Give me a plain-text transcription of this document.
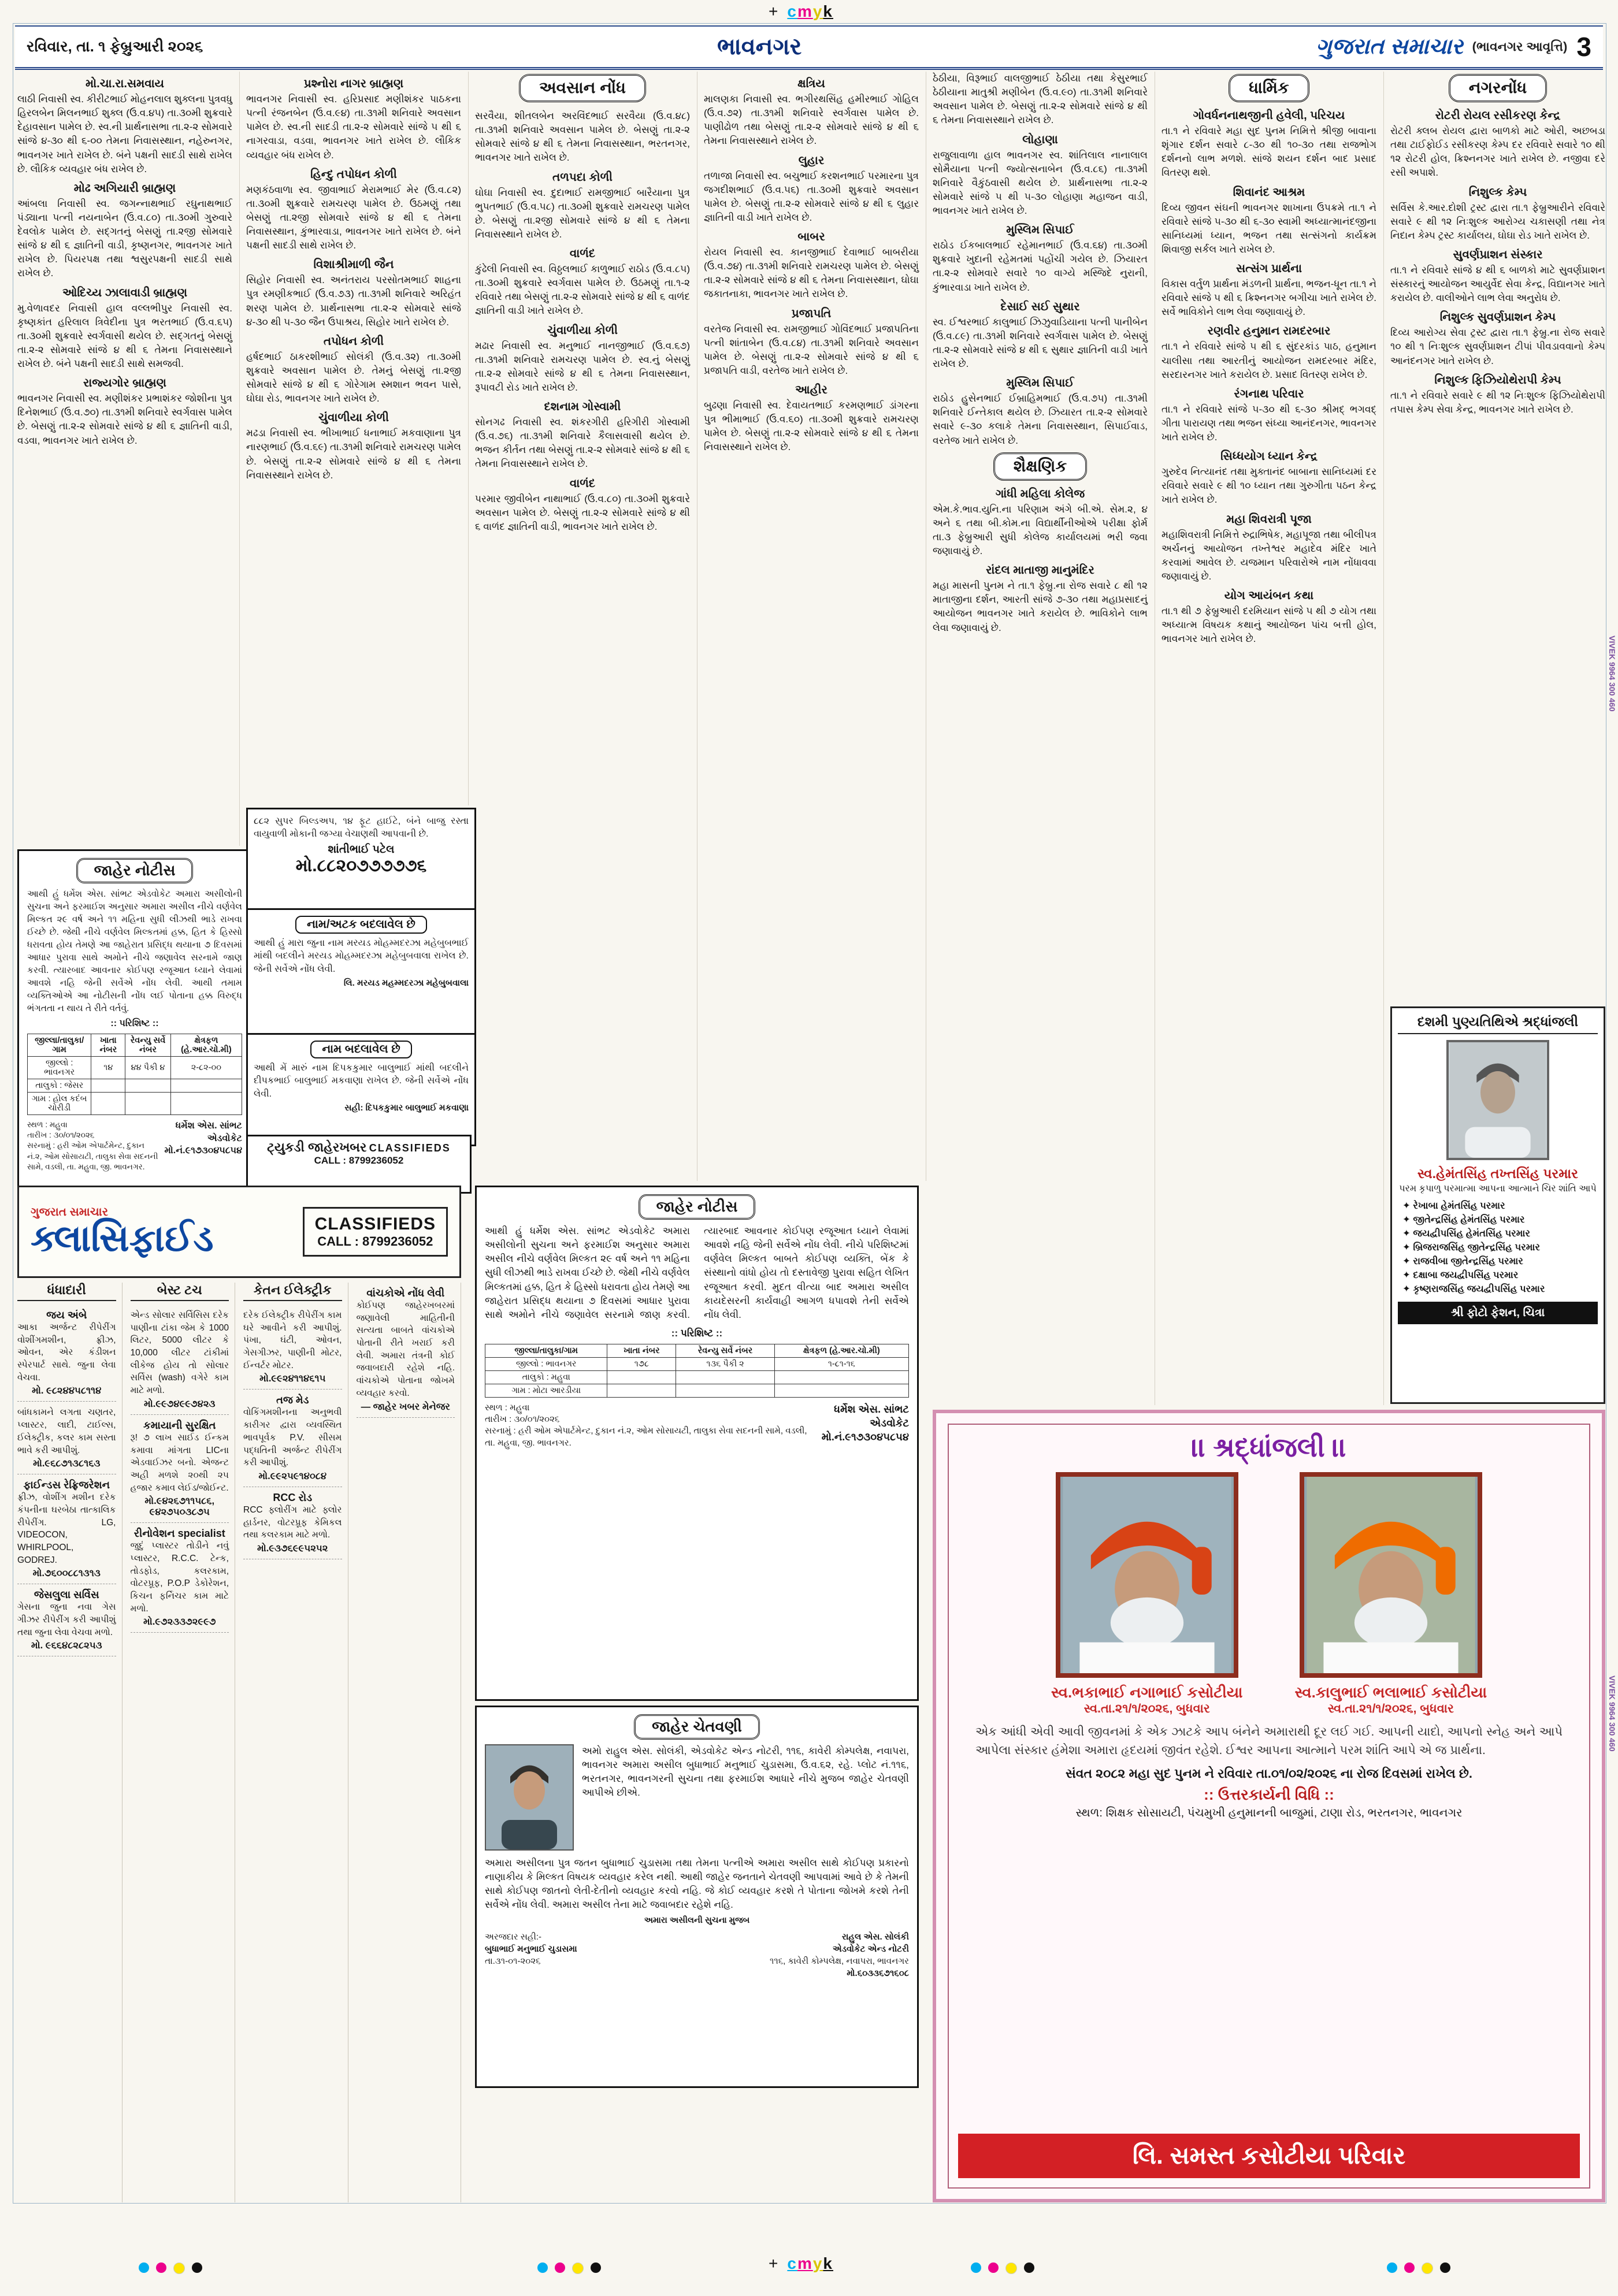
+ cmyk
+ cmyk
રવિવાર, તા. ૧ ફેબ્રુઆરી ૨૦૨૬	ભાવનગર	ગુજરાત સમાચાર (ભાવનગર આવૃત્તિ) 3
મો.ચા.રા.સમવાય
લાઠી નિવાસી સ્વ. કીરીટભાઈ મોહનલાલ શુક્લના પુત્રવધુ હિરલબેન મિલનભાઈ શુક્લ (ઉ.વ.૪૫) તા.૩૦મી શુક્રવારે દેહાવસાન પામેલ છે. સ્વ.ની પ્રાર્થનાસભા તા.૨-૨ સોમવારે સાંજે ૪-૩૦ થી ૬-૦૦ તેમના નિવાસસ્થાન, નહેરુનગર, ભાવનગર ખાતે રાખેલ છે. બંને પક્ષની સાદડી સાથે રાખેલ છે. લૌકિક વ્યવહાર બંધ રાખેલ છે.
મોઢ અગિયારી બ્રાહ્મણ
આંબલા નિવાસી સ્વ. જગન્નાથભાઈ રઘુનાથભાઈ પંડ્યાના પત્ની નયનાબેન (ઉ.વ.૮૦) તા.૩૦મી ગુરુવારે દેવલોક પામેલ છે. સદ્ગતનું બેસણું તા.૨જી સોમવારે સાંજે ૪ થી ૬ જ્ઞાતિની વાડી, કૃષ્ણનગર, ભાવનગર ખાતે રાખેલ છે. પિયરપક્ષ તથા શ્વસુરપક્ષની સાદડી સાથે રાખેલ છે.
ઓદિચ્ય ઝાલાવાડી બ્રાહ્મણ
મુ.વેળાવદર નિવાસી હાલ વલ્લભીપુર નિવાસી સ્વ. કૃષ્ણકાંત હરિલાલ ત્રિવેદીના પુત્ર ભરતભાઈ (ઉ.વ.૬૫) તા.૩૦મી શુક્રવારે સ્વર્ગવાસી થયેલ છે. સદ્ગતનું બેસણું તા.૨-૨ સોમવારે સાંજે ૪ થી ૬ તેમના નિવાસસ્થાને રાખેલ છે. બંને પક્ષની સાદડી સાથે સમજવી.
રાજ્યગોર બ્રાહ્મણ
ભાવનગર નિવાસી સ્વ. મણીશંકર પ્રભાશંકર જોશીના પુત્ર દિનેશભાઈ (ઉ.વ.૭૦) તા.૩૧મી શનિવારે સ્વર્ગવાસ પામેલ છે. બેસણું તા.૨-૨ સોમવારે સાંજે ૪ થી ૬ જ્ઞાતિની વાડી, વડવા, ભાવનગર ખાતે રાખેલ છે.
પ્રશ્નોરા નાગર બ્રાહ્મણ
ભાવનગર નિવાસી સ્વ. હરિપ્રસાદ મણીશંકર પાઠકના પત્ની રંજનબેન (ઉ.વ.૯૪) તા.૩૧મી શનિવારે અવસાન પામેલ છે. સ્વ.ની સાદડી તા.૨-૨ સોમવારે સાંજે ૫ થી ૬ નાગરવાડા, વડવા, ભાવનગર ખાતે રાખેલ છે. લૌકિક વ્યવહાર બંધ રાખેલ છે.
હિન્દુ તપોધન કોળી
મણકંઠવાળા સ્વ. જીવાભાઈ મેરામભાઈ મેર (ઉ.વ.૮૨) તા.૩૦મી શુક્રવારે રામચરણ પામેલ છે. ઉઠમણું તથા બેસણું તા.૨જી સોમવારે સાંજે ૪ થી ૬ તેમના નિવાસસ્થાન, કુંભારવાડા, ભાવનગર ખાતે રાખેલ છે. બંને પક્ષની સાદડી સાથે રાખેલ છે.
વિશાશ્રીમાળી જૈન
સિહોર નિવાસી સ્વ. અનંતરાય પરસોતમભાઈ શાહના પુત્ર રમણીકભાઈ (ઉ.વ.૭૩) તા.૩૧મી શનિવારે અરિહંત શરણ પામેલ છે. પ્રાર્થનાસભા તા.૨-૨ સોમવારે સાંજે ૪-૩૦ થી ૫-૩૦ જૈન ઉપાશ્રય, સિહોર ખાતે રાખેલ છે.
તપોધન કોળી
હર્ષદભાઈ ઠાકરશીભાઈ સોલંકી (ઉ.વ.૩૨) તા.૩૦મી શુક્રવારે અવસાન પામેલ છે. તેમનું બેસણું તા.૨જી સોમવારે સાંજે ૪ થી ૬ ગોરેગામ સ્મશાન ભવન પાસે, ઘોઘા રોડ, ભાવનગર ખાતે રાખેલ છે.
ચુંવાળીયા કોળી
મઢડા નિવાસી સ્વ. ભીખાભાઈ ધનાભાઈ મકવાણાના પુત્ર નારણભાઈ (ઉ.વ.૬૯) તા.૩૧મી શનિવારે રામચરણ પામેલ છે. બેસણું તા.૨-૨ સોમવારે સાંજે ૪ થી ૬ તેમના નિવાસસ્થાને રાખેલ છે.
અવસાન નોંધ
સરવૈયા, શીતલબેન અરવિંદભાઈ સરવૈયા (ઉ.વ.૪૮) તા.૩૧મી શનિવારે અવસાન પામેલ છે. બેસણું તા.૨-૨ સોમવારે સાંજે ૪ થી ૬ તેમના નિવાસસ્થાન, ભરતનગર, ભાવનગર ખાતે રાખેલ છે.
તળપદા કોળી
ઘોઘા નિવાસી સ્વ. દુદાભાઈ રામજીભાઈ બારૈયાના પુત્ર ભુપતભાઈ (ઉ.વ.૫૮) તા.૩૦મી શુક્રવારે રામચરણ પામેલ છે. બેસણું તા.૨જી સોમવારે સાંજે ૪ થી ૬ તેમના નિવાસસ્થાને રાખેલ છે.
વાળંદ
કુંઢેલી નિવાસી સ્વ. વિઠ્ઠલભાઈ કાળુભાઈ રાઠોડ (ઉ.વ.૮૫) તા.૩૦મી શુક્રવારે સ્વર્ગવાસ પામેલ છે. ઉઠમણું તા.૧-૨ રવિવારે તથા બેસણું તા.૨-૨ સોમવારે સાંજે ૪ થી ૬ વાળંદ જ્ઞાતિની વાડી ખાતે રાખેલ છે.
ચુંવાળીયા કોળી
મઢાર નિવાસી સ્વ. મનુભાઈ નાનજીભાઈ (ઉ.વ.૬૭) તા.૩૧મી શનિવારે રામચરણ પામેલ છે. સ્વ.નું બેસણું તા.૨-૨ સોમવારે સાંજે ૪ થી ૬ તેમના નિવાસસ્થાન, રૂપાવટી રોડ ખાતે રાખેલ છે.
દશનામ ગોસ્વામી
સોનગઢ નિવાસી સ્વ. શંકરગીરી હરિગીરી ગોસ્વામી (ઉ.વ.૭૬) તા.૩૧મી શનિવારે કૈલાસવાસી થયેલ છે. ભજન કીર્તન તથા બેસણું તા.૨-૨ સોમવારે સાંજે ૪ થી ૬ તેમના નિવાસસ્થાને રાખેલ છે.
વાળંદ
પરમાર જીવીબેન નાથાભાઈ (ઉ.વ.૮૦) તા.૩૦મી શુક્રવારે અવસાન પામેલ છે. બેસણું તા.૨-૨ સોમવારે સાંજે ૪ થી ૬ વાળંદ જ્ઞાતિની વાડી, ભાવનગર ખાતે રાખેલ છે.
ક્ષત્રિય
માલણકા નિવાસી સ્વ. ભગીરથસિંહ હમીરભાઈ ગોહિલ (ઉ.વ.૭૨) તા.૩૧મી શનિવારે સ્વર્ગવાસ પામેલ છે. પાણીઢોળ તથા બેસણું તા.૨-૨ સોમવારે સાંજે ૪ થી ૬ તેમના નિવાસસ્થાને રાખેલ છે.
લુહાર
તળાજા નિવાસી સ્વ. બચુભાઈ કરશનભાઈ પરમારના પુત્ર જગદીશભાઈ (ઉ.વ.૫૬) તા.૩૦મી શુક્રવારે અવસાન પામેલ છે. બેસણું તા.૨-૨ સોમવારે સાંજે ૪ થી ૬ લુહાર જ્ઞાતિની વાડી ખાતે રાખેલ છે.
બાબર
રોયલ નિવાસી સ્વ. કાનજીભાઈ દેવાભાઈ બાબરીયા (ઉ.વ.૭૪) તા.૩૧મી શનિવારે રામચરણ પામેલ છે. બેસણું તા.૨-૨ સોમવારે સાંજે ૪ થી ૬ તેમના નિવાસસ્થાન, ઘોઘા જકાતનાકા, ભાવનગર ખાતે રાખેલ છે.
પ્રજાપતિ
વરતેજ નિવાસી સ્વ. રામજીભાઈ ગોવિંદભાઈ પ્રજાપતિના પત્ની શાંતાબેન (ઉ.વ.૮૪) તા.૩૧મી શનિવારે અવસાન પામેલ છે. બેસણું તા.૨-૨ સોમવારે સાંજે ૪ થી ૬ પ્રજાપતિ વાડી, વરતેજ ખાતે રાખેલ છે.
આહીર
બુઢણા નિવાસી સ્વ. દેવાયતભાઈ કરમણભાઈ ડાંગરના પુત્ર ભીમાભાઈ (ઉ.વ.૬૦) તા.૩૦મી શુક્રવારે રામચરણ પામેલ છે. બેસણું તા.૨-૨ સોમવારે સાંજે ૪ થી ૬ તેમના નિવાસસ્થાને રાખેલ છે.
ઠેઠીયા, વિરૂભાઈ વાલજીભાઈ ઠેઠીયા તથા કેસુરભાઈ ઠેઠીયાના માતુશ્રી મણીબેન (ઉ.વ.૯૦) તા.૩૧મી શનિવારે અવસાન પામેલ છે. બેસણું તા.૨-૨ સોમવારે સાંજે ૪ થી ૬ તેમના નિવાસસ્થાને રાખેલ છે.
લોહાણા
રાજુલાવાળા હાલ ભાવનગર સ્વ. શાંતિલાલ નાનાલાલ સોમૈયાના પત્ની જ્યોત્સનાબેન (ઉ.વ.૮૬) તા.૩૧મી શનિવારે વૈકુંઠવાસી થયેલ છે. પ્રાર્થનાસભા તા.૨-૨ સોમવારે સાંજે ૫ થી ૫-૩૦ લોહાણા મહાજન વાડી, ભાવનગર ખાતે રાખેલ છે.
મુસ્લિમ સિપાઈ
રાઠોડ ઈકબાલભાઈ રહેમાનભાઈ (ઉ.વ.૬૪) તા.૩૦મી શુક્રવારે ખુદાની રહેમતમાં પહોંચી ગયેલ છે. ઝિયારત તા.૨-૨ સોમવારે સવારે ૧૦ વાગ્યે મસ્જિદે નુરાની, કુંભારવાડા ખાતે રાખેલ છે.
દેસાઈ સઈ સુથાર
સ્વ. ઈશ્વરભાઈ કાલુભાઈ ઝિઝુવાડિયાના પત્ની પાનીબેન (ઉ.વ.૮૯) તા.૩૧મી શનિવારે સ્વર્ગવાસ પામેલ છે. બેસણું તા.૨-૨ સોમવારે સાંજે ૪ થી ૬ સુથાર જ્ઞાતિની વાડી ખાતે રાખેલ છે.
મુસ્લિમ સિપાઈ
રાઠોડ હુસેનભાઈ ઈબ્રાહિમભાઈ (ઉ.વ.૭૫) તા.૩૧મી શનિવારે ઈન્તેકાલ થયેલ છે. ઝિયારત તા.૨-૨ સોમવારે સવારે ૯-૩૦ કલાકે તેમના નિવાસસ્થાન, સિપાઈવાડ, વરતેજ ખાતે રાખેલ છે.
શૈક્ષણિક
ગાંધી મહિલા કોલેજ
એમ.કે.ભાવ.યુનિ.ના પરિણામ અંગે બી.એ. સેમ.૨, ૪ અને ૬ તથા બી.કોમ.ના વિદ્યાર્થીનીઓએ પરીક્ષા ફોર્મ તા.૩ ફેબ્રુઆરી સુધી કોલેજ કાર્યાલયમાં ભરી જવા જણાવાયું છે.
રાંદલ માતાજી માનુમંદિર
મહા માસની પુનમ ને તા.૧ ફેબ્રુ.ના રોજ સવારે ૮ થી ૧૨ માતાજીના દર્શન, આરતી સાંજે ૭-૩૦ તથા મહાપ્રસાદનું આયોજન ભાવનગર ખાતે કરાયેલ છે. ભાવિકોને લાભ લેવા જણાવાયું છે.
ધાર્મિક
ગોવર્ધનનાથજીની હવેલી, પરિચય
તા.૧ ને રવિવારે મહા સુદ પુનમ નિમિત્તે શ્રીજી બાવાના શૃંગાર દર્શન સવારે ૮-૩૦ થી ૧૦-૩૦ તથા રાજભોગ દર્શનનો લાભ મળશે. સાંજે શયન દર્શન બાદ પ્રસાદ વિતરણ થશે.
શિવાનંદ આશ્રમ
દિવ્ય જીવન સંઘની ભાવનગર શાખાના ઉપક્રમે તા.૧ ને રવિવારે સાંજે ૫-૩૦ થી ૬-૩૦ સ્વામી અધ્યાત્માનંદજીના સાનિધ્યમાં ધ્યાન, ભજન તથા સત્સંગનો કાર્યક્રમ શિવાજી સર્કલ ખાતે રાખેલ છે.
સત્સંગ પ્રાર્થના
વિકાસ વર્તુળ પ્રાર્થના મંડળની પ્રાર્થના, ભજન-ધૂન તા.૧ ને રવિવારે સાંજે ૫ થી ૬ ક્રિશ્નનગર બગીચા ખાતે રાખેલ છે. સર્વે ભાવિકોને લાભ લેવા જણાવાયું છે.
રણવીર હનુમાન રામદરબાર
તા.૧ ને રવિવારે સાંજે ૫ થી ૬ સુંદરકાંડ પાઠ, હનુમાન ચાલીસા તથા આરતીનું આયોજન રામદરબાર મંદિર, સરદારનગર ખાતે કરાયેલ છે. પ્રસાદ વિતરણ રાખેલ છે.
રંગનાથ પરિવાર
તા.૧ ને રવિવારે સાંજે ૫-૩૦ થી ૬-૩૦ શ્રીમદ્ ભગવદ્ ગીતા પારાયણ તથા ભજન સંધ્યા આનંદનગર, ભાવનગર ખાતે રાખેલ છે.
સિધ્ધયોગ ધ્યાન કેન્દ્ર
ગુરુદેવ નિત્યાનંદ તથા મુક્તાનંદ બાબાના સાનિધ્યમાં દર રવિવારે સવારે ૯ થી ૧૦ ધ્યાન તથા ગુરુગીતા પઠન કેન્દ્ર ખાતે રાખેલ છે.
મહા શિવરાત્રી પૂજા
મહાશિવરાત્રી નિમિત્તે રુદ્રાભિષેક, મહાપૂજા તથા બીલીપત્ર અર્ચનનું આયોજન તખ્તેશ્વર મહાદેવ મંદિર ખાતે કરવામાં આવેલ છે. યજમાન પરિવારોએ નામ નોંધાવવા જણાવાયું છે.
યોગ આયંબન કથા
તા.૧ થી ૭ ફેબ્રુઆરી દરમિયાન સાંજે ૫ થી ૭ યોગ તથા અધ્યાત્મ વિષયક કથાનું આયોજન પાંચ બત્તી હોલ, ભાવનગર ખાતે રાખેલ છે.
નગરનોંધ
રોટરી રોયલ રસીકરણ કેન્દ્ર
રોટરી ક્લબ રોયલ દ્વારા બાળકો માટે ઓરી, અછબડા તથા ટાઈફોઈડ રસીકરણ કેમ્પ દર રવિવારે સવારે ૧૦ થી ૧૨ રોટરી હોલ, ક્રિશ્નનગર ખાતે રાખેલ છે. નજીવા દરે રસી અપાશે.
નિશુલ્ક કેમ્પ
સર્વિસ કે.આર.દોશી ટ્રસ્ટ દ્વારા તા.૧ ફેબ્રુઆરીને રવિવારે સવારે ૯ થી ૧૨ નિઃશુલ્ક આરોગ્ય ચકાસણી તથા નેત્ર નિદાન કેમ્પ ટ્રસ્ટ કાર્યાલય, ઘોઘા રોડ ખાતે રાખેલ છે.
સુવર્ણપ્રાશન સંસ્કાર
તા.૧ ને રવિવારે સાંજે ૪ થી ૬ બાળકો માટે સુવર્ણપ્રાશન સંસ્કારનું આયોજન આયુર્વેદ સેવા કેન્દ્ર, વિદ્યાનગર ખાતે કરાયેલ છે. વાલીઓને લાભ લેવા અનુરોધ છે.
નિશુલ્ક સુવર્ણપ્રાશન કેમ્પ
દિવ્ય આરોગ્ય સેવા ટ્રસ્ટ દ્વારા તા.૧ ફેબ્રુ.ના રોજ સવારે ૧૦ થી ૧ નિઃશુલ્ક સુવર્ણપ્રાશન ટીપાં પીવડાવવાનો કેમ્પ આનંદનગર ખાતે રાખેલ છે.
નિશુલ્ક ફિઝિયોથેરાપી કેમ્પ
તા.૧ ને રવિવારે સવારે ૯ થી ૧૨ નિઃશુલ્ક ફિઝિયોથેરાપી તપાસ કેમ્પ સેવા કેન્દ્ર, ભાવનગર ખાતે રાખેલ છે.
જાહેર નોટીસ
આથી હું ધર્મેશ એસ. સાંભટ એડવોકેટ અમારા અસીલોની સુચના અને ફરમાઈશ અનુસાર અમારા અસીલ નીચે વર્ણવેલ મિલ્કત ૨૯ વર્ષ અને ૧૧ મહિના સુધી લીઝથી ભાડે રાખવા ઈચ્છે છે. જેથી નીચે વર્ણવેલ મિલ્કતમાં હક્ક, હિત કે હિસ્સો ધરાવતા હોય તેમણે આ જાહેરાત પ્રસિદ્ધ થયાના ૭ દિવસમાં આધાર પુરાવા સાથે અમોને નીચે જણાવેલ સરનામે જાણ કરવી. ત્યારબાદ આવનાર કોઈપણ રજૂઆત ધ્યાને લેવામાં આવશે નહિ જેની સર્વેએ નોંધ લેવી. આથી તમામ વ્યક્તિઓએ આ નોટીસની નોંધ લઈ પોતાના હક્ક વિરુદ્ધ ભંગતતા ન થાય તે રીતે વર્તવું.
:: પરિશિષ્ટ ::
જીલ્લા/તાલુકા/ગામ	ખાતા નંબર	રેવન્યુ સર્વે નંબર	ક્ષેત્રફળ (હે.આર.ચો.મી)
જીલ્લો : ભાવનગર	૧૪	૪૪ પૈકી ૪	૨-૮૨-૦૦
તાલુકો : જેસર			
ગામ : હોલ કદંબ ચોરીડી			
સ્થળ : મહુવા
તારીખ : ૩૦/૦૧/૨૦૨૬
સરનામું : હરી ઓમ એપાર્ટમેન્ટ, દુકાન નં.૨, ઓમ સોસાયટી, તાલુકા સેવા સદનની સામે, વડલી, તા. મહુવા, જી. ભાવનગર.
ધર્મેશ એસ. સાંભટ
એડવોકેટ
મો.નં.૯૧૭૩૦૪૫૮૫૪
૮૮૨ સુપર બિલ્ડઅપ, ૧૪ ફૂટ હાઈટે, બંને બાજુ રસ્તા વાયુવાળી મોકાની જગ્યા વેચાણથી આપવાની છે.
શાંતીભાઈ પટેલ
મો.૮૮૨૦૭૭૭૭૭૬
નામ/અટક બદલાવેલ છે
આથી હું મારા જુના નામ મરયડ મોહમ્મદરઝા મહેબુબભાઈ માંથી બદલીને મરયડ મોહમ્મદરઝા મહેબુબવાલા રાખેલ છે. જેની સર્વેએ નોંધ લેવી.
લિ. મરયડ મહમ્મદરઝા મહેબુબવાલા
નામ બદલાવેલ છે
આથી મેં મારું નામ દિપકકુમાર બાલુભાઈ માંથી બદલીને દીપકભાઈ બાલુભાઈ મકવાણા રાખેલ છે. જેની સર્વેએ નોંધ લેવી.
સહી: દિપકકુમાર બાલુભાઈ મકવાણા
ટ્યુકડી જાહેરખબર CLASSIFIEDS
CALL : 8799236052
ગુજરાત સમાચાર
ક્લાસિફાઈડ	CLASSIFIEDS
CALL : 8799236052
ધંધાદારી
જય અંબે
આકા અર્જન્ટ રીપેરીંગ વોશીંગમશીન, ફ્રીઝ, ઓવન, એર કંડીશન સ્પેરપાર્ટ સાથે. જુના લેવા વેચવા.
મો. ૯૮૨૪૪૫૮૧૧૪
બાંધકામને લગતા ચણતર, પ્લાસ્ટર, લાદી, ટાઈલ્સ, ઈલેક્ટ્રીક, કલર કામ સસ્તા ભાવે કરી આપીશું.
મો.૯૬૮૭૧૩૮૧૬૩
ફાઈન્ડસ રેફ્રિજરેશન
ફ્રીઝ, વોશીંગ મશીન દરેક કંપનીના ઘરબેઠા તાત્કાલિક રીપેરીંગ. LG, VIDEOCON, WHIRLPOOL, GODREJ.
મો.૭૬૦૦૮૮૧૩૧૩
જેસલુલા સર્વિસ
ગેસના જુના નવા ગેસ ગીઝર રીપેરીંગ કરી આપીશું તથા જુના લેવા વેચવા મળો.
મો. ૯૬૬૪૮૨૮૨૫૩
બેસ્ટ ટચ
એન્ડ સોલાર સર્વિસિસ દરેક પાણીના ટાંકા જેમ કે 1000 લિટર, 5000 લીટર કે 10,000 લીટર ટાંકીમાં લીકેજ હોય તો સોલાર સર્વિસ (wash) વગેરે કામ માટે મળો.
મો.૯૯૭૪૯૯૭૪૨૩
કમાયાની સુરક્ષિત
રૂ! ૭ લાખ સાઈડ ઈન્કમ કમાવા માંગતા LICના એડવાઈઝર બનો. એજન્ટ અહી મળશે ૨૦થી ૨૫ હજાર કમાવ લેઈડ/જોઈન્ટ.
મો.૯૪૨૬૭૧૧૫૮૬, ૯૪૨૭૫૦૩૮૭૫
રીનોવેશન specialist
જુદું પ્લાસ્ટર તોડીને નવું પ્લાસ્ટર, R.C.C. ટેન્ક, તોડફોડ, કલરકામ, વોટરપ્રૂફ, P.O.P ડેકોરેશન, કિચન ફર્નિચર કામ માટે મળો.
મો.૯૭૨૩૩૭૨૯૯૭
કેતન ઈલેક્ટ્રીક
દરેક ઈલેક્ટ્રીક રીપેરીંગ કામ ઘરે આવીને કરી આપીશું. પંખા, ઘંટી, ઓવન, ગેસગીઝર, પાણીની મોટર, ઈન્વર્ટર મોટર.
મો.૯૯૨૪૧૧૪૬૧૫
તજ મેડ
વોકિંગમશીનના અનુભવી કારીગર દ્વારા વ્યવસ્થિત ભાવપૂર્વક P.V. સીસમ પદ્ધતિની અર્જન્ટ રીપેરીંગ કરી આપીશું.
મો.૯૯૨૫૯૧૪૦૮૪
RCC રોડ
RCC ફ્લોરીંગ માટે ફ્લોર હાર્ડનર, વોટરપ્રૂફ કેમિકલ તથા કલરકામ માટે મળો.
મો.૯૩૭૬૯૯૫૨૫૨
વાંચકોએ નોંધ લેવી
કોઈપણ જાહેરખબરમાં જણાવેલી માહિતીની સત્યતા બાબતે વાંચકોએ પોતાની રીતે ખરાઈ કરી લેવી. અમારા તંત્રની કોઈ જવાબદારી રહેશે નહિ. વાંચકોએ પોતાના જોખમે વ્યવહાર કરવો.
— જાહેર ખબર મેનેજર
જાહેર નોટીસ
આથી હું ધર્મેશ એસ. સાંભટ એડવોકેટ અમારા અસીલોની સુચના અને ફરમાઈશ અનુસાર અમારા અસીલ નીચે વર્ણવેલ મિલ્કત ૨૯ વર્ષ અને ૧૧ મહિના સુધી લીઝથી ભાડે રાખવા ઈચ્છે છે. જેથી નીચે વર્ણવેલ મિલ્કતમાં હક્ક, હિત કે હિસ્સો ધરાવતા હોય તેમણે આ જાહેરાત પ્રસિદ્ધ થયાના ૭ દિવસમાં આધાર પુરાવા સાથે અમોને નીચે જણાવેલ સરનામે જાણ કરવી. ત્યારબાદ આવનાર કોઈપણ રજૂઆત ધ્યાને લેવામાં આવશે નહિ જેની સર્વેએ નોંધ લેવી. નીચે પરિશિષ્ટમાં વર્ણવેલ મિલ્કત બાબતે કોઈપણ વ્યક્તિ, બેંક કે સંસ્થાનો વાંધો હોય તો દસ્તાવેજી પુરાવા સહિત લેખિત રજૂઆત કરવી. મુદત વીત્યા બાદ અમારા અસીલ કાયદેસરની કાર્યવાહી આગળ ધપાવશે તેની સર્વેએ નોંધ લેવી.
:: પરિશિષ્ટ ::
જીલ્લા/તાલુકા/ગામ	ખાતા નંબર	રેવન્યુ સર્વે નંબર	ક્ષેત્રફળ (હે.આર.ચો.મી)
જીલ્લો : ભાવનગર	૧૭૮	૧૩૬ પૈકી ૨	૧-૮૧-૧૬
તાલુકો : મહુવા			
ગામ : મોટા આરડીયા			
સ્થળ : મહુવા
તારીખ : ૩૦/૦૧/૨૦૨૬
સરનામું : હરી ઓમ એપાર્ટમેન્ટ, દુકાન નં.૨, ઓમ સોસાયટી, તાલુકા સેવા સદનની સામે, વડલી, તા. મહુવા, જી. ભાવનગર.
ધર્મેશ એસ. સાંભટ
એડવોકેટ
મો.નં.૯૧૭૩૦૪૫૮૫૪
જાહેર ચેતવણી
અમો રાહુલ એસ. સોલંકી, એડવોકેટ એન્ડ નોટરી, ૧૧૬, કાવેરી કોમ્પલેક્ષ, નવાપરા, ભાવનગર અમારા અસીલ બુધાભાઈ મનુભાઈ ચુડાસમા, ઉ.વ.૬૨, રહે. પ્લોટ નં.૧૧૬, ભરતનગર, ભાવનગરની સુચના તથા ફરમાઈશ આધારે નીચે મુજબ જાહેર ચેતવણી આપીએ છીએ.
અમારા અસીલના પુત્ર જતન બુધાભાઈ ચુડાસમા તથા તેમના પત્નીએ અમારા અસીલ સાથે કોઈપણ પ્રકારનો નાણાકીય કે મિલ્કત વિષયક વ્યવહાર કરેલ નથી. આથી જાહેર જનતાને ચેતવણી આપવામાં આવે છે કે તેમની સાથે કોઈપણ જાતનો લેતી-દેતીનો વ્યવહાર કરવો નહિ. જે કોઈ વ્યવહાર કરશે તે પોતાના જોખમે કરશે તેની સર્વેએ નોંધ લેવી. અમારા અસીલ તેના માટે જવાબદાર રહેશે નહિ.
અમારા અસીલની સુચના મુજબ
અરજદાર સહી:-
બુધાભાઈ મનુભાઈ ચુડાસમા
તા.૩૧-૦૧-૨૦૨૬
રાહુલ એસ. સોલંકી
એડવોકેટ એન્ડ નોટરી
૧૧૬, કાવેરી કોમ્પલેક્ષ, નવાપરા, ભાવનગર
મો.૬૦૩૩૬૭૧૬૦૮
દશમી પુણ્યતિથિએ શ્રદ્ધાંજલી
સ્વ.હેમંતસિંહ તખ્તસિંહ પરમાર
પરમ કૃપાળુ પરમાત્મા આપના આત્માને ચિર શાંતિ આપે
✦ રેખાબા હેમંતસિંહ પરમાર
✦ જીતેન્દ્રસિંહ હેમંતસિંહ પરમાર
✦ જયદ્વીપસિંહ હેમંતસિંહ પરમાર
✦ બ્રિજરાજસિંહ જીતેન્દ્રસિંહ પરમાર
✦ રાજવીબા જીતેન્દ્રસિંહ પરમાર
✦ દક્ષાબા જયદ્વીપસિંહ પરમાર
✦ કૃષ્ણરાજસિંહ જયદ્વીપસિંહ પરમાર
શ્રી ફોટો ફેશન, ચિત્રા
।। શ્રદ્ધાંજલી ।।
સ્વ.ભકાભાઈ નગાભાઈ કસોટીયા
સ્વ.તા.૨૧/૧/૨૦૨૬, બુધવાર
સ્વ.કાલુભાઈ ભલાભાઈ કસોટીયા
સ્વ.તા.૨૧/૧/૨૦૨૬, બુધવાર
એક આંધી એવી આવી જીવનમાં કે એક ઝાટકે આપ બંનેને અમારાથી દૂર લઈ ગઈ. આપની યાદો, આપનો સ્નેહ અને આપે આપેલા સંસ્કાર હંમેશા અમારા હૃદયમાં જીવંત રહેશે. ઈશ્વર આપના આત્માને પરમ શાંતિ આપે એ જ પ્રાર્થના.
સંવત ૨૦૮૨ મહા સુદ પુનમ ને રવિવાર તા.૦૧/૦૨/૨૦૨૬ ના રોજ દિવસમાં રાખેલ છે.
:: ઉત્તરકાર્યની વિધિ ::
સ્થળ: શિક્ષક સોસાયટી, પંચમુખી હનુમાનની બાજુમાં, ટાણા રોડ, ભરતનગર, ભાવનગર
લિ. સમસ્ત કસોટીયા પરિવાર
VIVEK 9964 300 460
VIVEK 9964 300 460
